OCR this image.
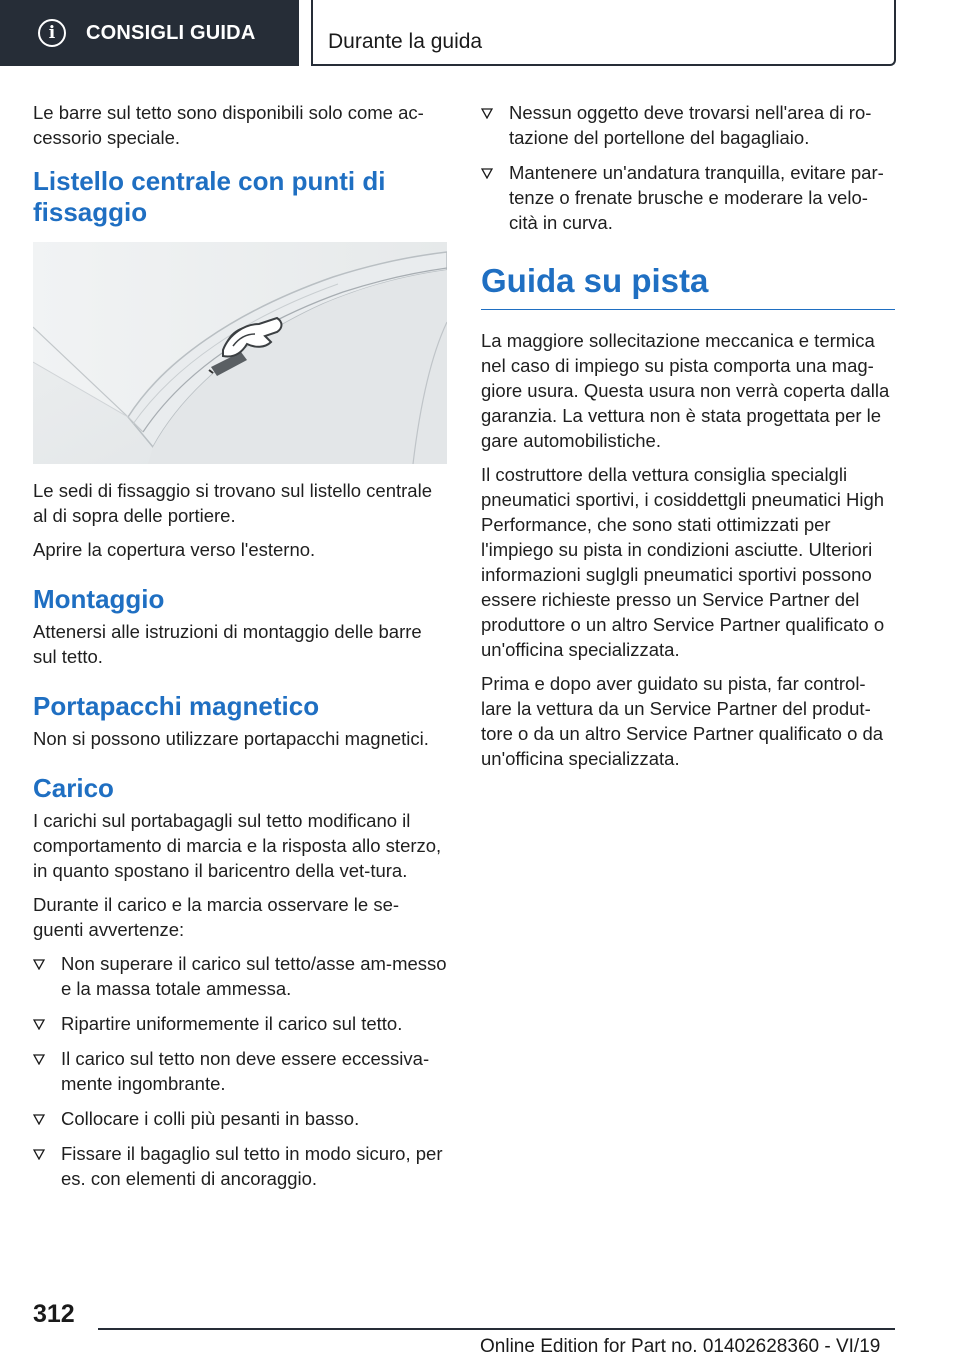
i	CONSIGLI GUIDA	Durante la guida

Le barre sul tetto sono disponibili solo come ac-cessorio speciale.

Listello centrale con punti di fissaggio

Le sedi di fissaggio si trovano sul listello centrale al di sopra delle portiere.

Aprire la copertura verso l'esterno.

Montaggio

Attenersi alle istruzioni di montaggio delle barre sul tetto.

Portapacchi magnetico

Non si possono utilizzare portapacchi magnetici.

Carico

I carichi sul portabagagli sul tetto modificano il comportamento di marcia e la risposta allo sterzo, in quanto spostano il baricentro della vet-tura.

Durante il carico e la marcia osservare le se-guenti avvertenze:

Non superare il carico sul tetto/asse am-messo e la massa totale ammessa.
Ripartire uniformemente il carico sul tetto.
Il carico sul tetto non deve essere eccessiva-mente ingombrante.
Collocare i colli più pesanti in basso.
Fissare il bagaglio sul tetto in modo sicuro, per es. con elementi di ancoraggio.
Nessun oggetto deve trovarsi nell'area di ro-tazione del portellone del bagagliaio.
Mantenere un'andatura tranquilla, evitare par-tenze o frenate brusche e moderare la velo-cità in curva.
Guida su pista

La maggiore sollecitazione meccanica e termica nel caso di impiego su pista comporta una mag-giore usura. Questa usura non verrà coperta dalla garanzia. La vettura non è stata progettata per le gare automobilistiche.

Il costruttore della vettura consiglia specialgli pneumatici sportivi, i cosiddettgli pneumatici High Performance, che sono stati ottimizzati per l'impiego su pista in condizioni asciutte. Ulteriori informazioni suglgli pneumatici sportivi possono essere richieste presso un Service Partner del produttore o un altro Service Partner qualificato o un'officina specializzata.

Prima e dopo aver guidato su pista, far control-lare la vettura da un Service Partner del produt-tore o da un altro Service Partner qualificato o da un'officina specializzata.

312
Online Edition for Part no. 01402628360 - VI/19
